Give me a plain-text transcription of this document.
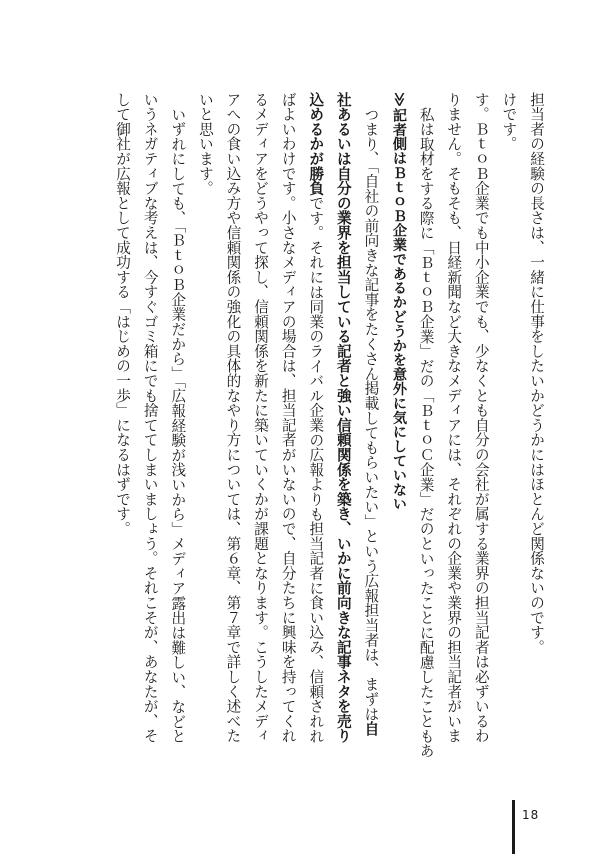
担当者の経験の長さは、一緒に仕事をしたいかどうかにはほとんど関係ないのです。
けです。
す。ＢｔｏＢ企業でも中小企業でも、少なくとも自分の会社が属する業界の担当記者は必ずいるわ
りません。そもそも、日経新聞など大きなメディアには、それぞれの企業や業界の担当記者がいま
私は取材をする際に「ＢｔｏＢ企業」だの「ＢｔｏＣ企業」だのといったことに配慮したこともあ
≫記者側はＢｔｏＢ企業であるかどうかを意外に気にしていない
つまり、「自社の前向きな記事をたくさん掲載してもらいたい」という広報担当者は、まずは自
社あるいは自分の業界を担当している記者と強い信頼関係を築き、いかに前向きな記事ネタを売り
込めるかが勝負です。それには同業のライバル企業の広報よりも担当記者に食い込み、信頼されれ
ばよいわけです。小さなメディアの場合は、担当記者がいないので、自分たちに興味を持ってくれ
るメディアをどうやって探し、信頼関係を新たに築いていくかが課題となります。こうしたメディ
アへの食い込み方や信頼関係の強化の具体的なやり方については、第６章、第７章で詳しく述べた
いと思います。
いずれにしても、「ＢｔｏＢ企業だから」「広報経験が浅いから」メディア露出は難しい、などと
いうネガティブな考えは、今すぐゴミ箱にでも捨ててしまいましょう。それこそが、あなたが、そ
して御社が広報として成功する「はじめの一歩」になるはずです。
18
